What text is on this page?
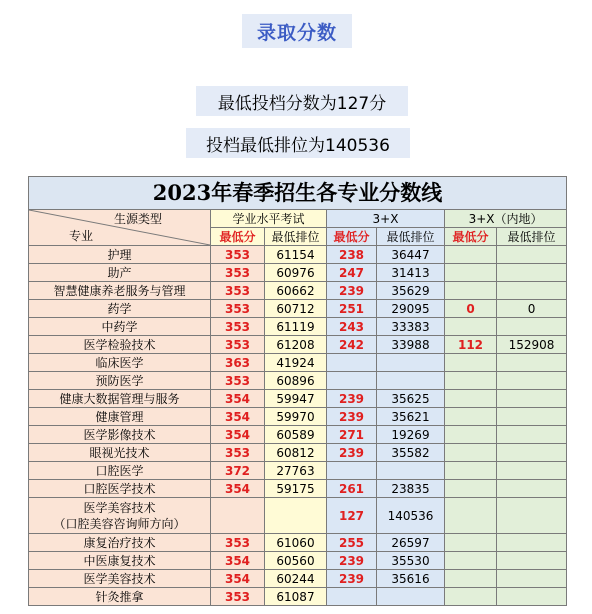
录取分数
最低投档分数为127分
投档最低排位为140536
2023年春季招生各专业分数线						

生源类型
专业	学业水平考试		3+X		3+X（内地）	
	最低分	最低排位	最低分	最低排位	最低分	最低排位
护理	353	61154	238	36447		
助产	353	60976	247	31413		
智慧健康养老服务与管理	353	60662	239	35629		
药学	353	60712	251	29095	0	0
中药学	353	61119	243	33383		
医学检验技术	353	61208	242	33988	112	152908
临床医学	363	41924				
预防医学	353	60896				
健康大数据管理与服务	354	59947	239	35625		
健康管理	354	59970	239	35621		
医学影像技术	354	60589	271	19269		
眼视光技术	353	60812	239	35582		
口腔医学	372	27763				
口腔医学技术	354	59175	261	23835		
医学美容技术
（口腔美容咨询师方向）			127	140536		
康复治疗技术	353	61060	255	26597		
中医康复技术	354	60560	239	35530		
医学美容技术	354	60244	239	35616		
针灸推拿	353	61087				
